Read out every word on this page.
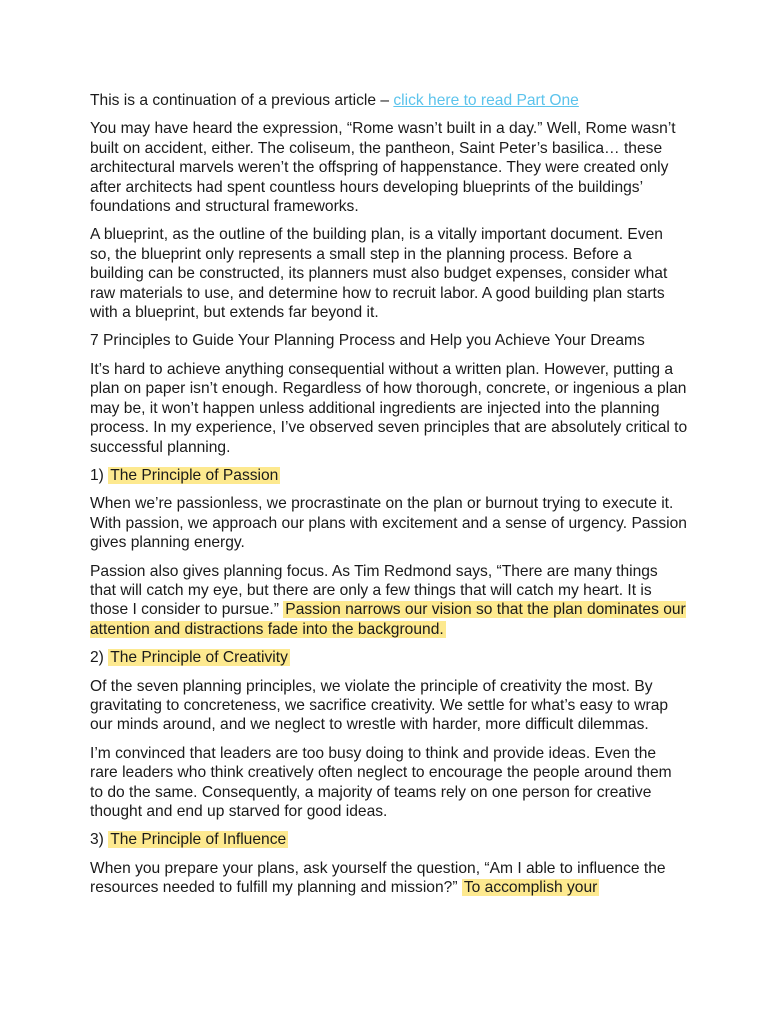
This is a continuation of a previous article – click here to read Part One

You may have heard the expression, “Rome wasn’t built in a day.” Well, Rome wasn’t built on accident, either. The coliseum, the pantheon, Saint Peter’s basilica… these architectural marvels weren’t the offspring of happenstance. They were created only after architects had spent countless hours developing blueprints of the buildings’ foundations and structural frameworks.

A blueprint, as the outline of the building plan, is a vitally important document. Even so, the blueprint only represents a small step in the planning process. Before a building can be constructed, its planners must also budget expenses, consider what raw materials to use, and determine how to recruit labor. A good building plan starts with a blueprint, but extends far beyond it.

7 Principles to Guide Your Planning Process and Help you Achieve Your Dreams

It’s hard to achieve anything consequential without a written plan. However, putting a plan on paper isn’t enough. Regardless of how thorough, concrete, or ingenious a plan may be, it won’t happen unless additional ingredients are injected into the planning process. In my experience, I’ve observed seven principles that are absolutely critical to successful planning.

1) The Principle of Passion

When we’re passionless, we procrastinate on the plan or burnout trying to execute it. With passion, we approach our plans with excitement and a sense of urgency. Passion gives planning energy.

Passion also gives planning focus. As Tim Redmond says, “There are many things that will catch my eye, but there are only a few things that will catch my heart. It is those I consider to pursue.” Passion narrows our vision so that the plan dominates our attention and distractions fade into the background.

2) The Principle of Creativity

Of the seven planning principles, we violate the principle of creativity the most. By gravitating to concreteness, we sacrifice creativity. We settle for what’s easy to wrap our minds around, and we neglect to wrestle with harder, more difficult dilemmas.

I’m convinced that leaders are too busy doing to think and provide ideas. Even the rare leaders who think creatively often neglect to encourage the people around them to do the same. Consequently, a majority of teams rely on one person for creative thought and end up starved for good ideas.

3) The Principle of Influence

When you prepare your plans, ask yourself the question, “Am I able to influence the resources needed to fulfill my planning and mission?” To accomplish your
